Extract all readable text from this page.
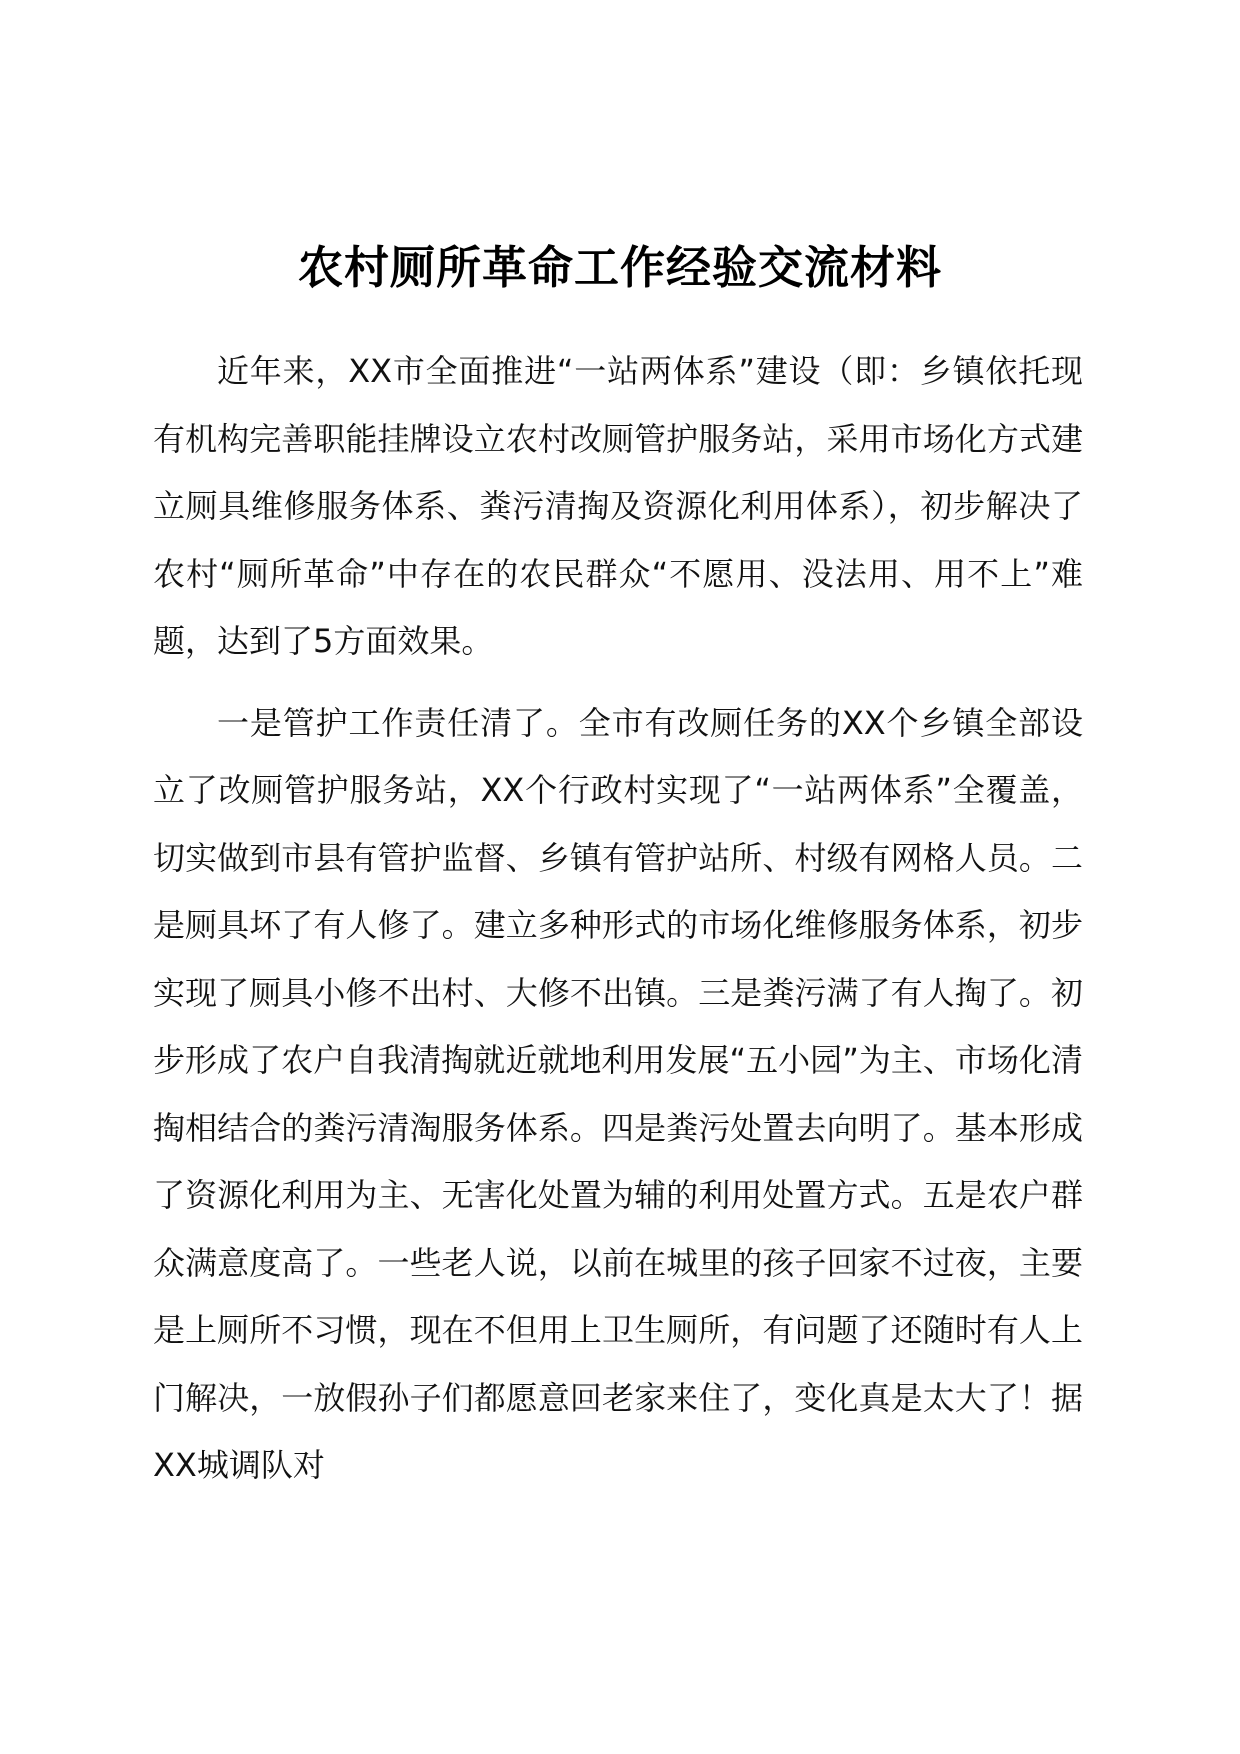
农村厕所革命工作经验交流材料

近年来，XX市全面推进“一站两体系”建设（即：乡镇依托现有机构完善职能挂牌设立农村改厕管护服务站，采用市场化方式建立厕具维修服务体系、粪污清掏及资源化利用体系），初步解决了农村“厕所革命”中存在的农民群众“不愿用、没法用、用不上”难题，达到了5方面效果。

一是管护工作责任清了。全市有改厕任务的XX个乡镇全部设立了改厕管护服务站，XX个行政村实现了“一站两体系”全覆盖，切实做到市县有管护监督、乡镇有管护站所、村级有网格人员。二是厕具坏了有人修了。建立多种形式的市场化维修服务体系，初步实现了厕具小修不出村、大修不出镇。三是粪污满了有人掏了。初步形成了农户自我清掏就近就地利用发展“五小园”为主、市场化清掏相结合的粪污清淘服务体系。四是粪污处置去向明了。基本形成了资源化利用为主、无害化处置为辅的利用处置方式。五是农户群众满意度高了。一些老人说，以前在城里的孩子回家不过夜，主要是上厕所不习惯，现在不但用上卫生厕所，有问题了还随时有人上门解决，一放假孙子们都愿意回老家来住了，变化真是太大了！据XX城调队对
